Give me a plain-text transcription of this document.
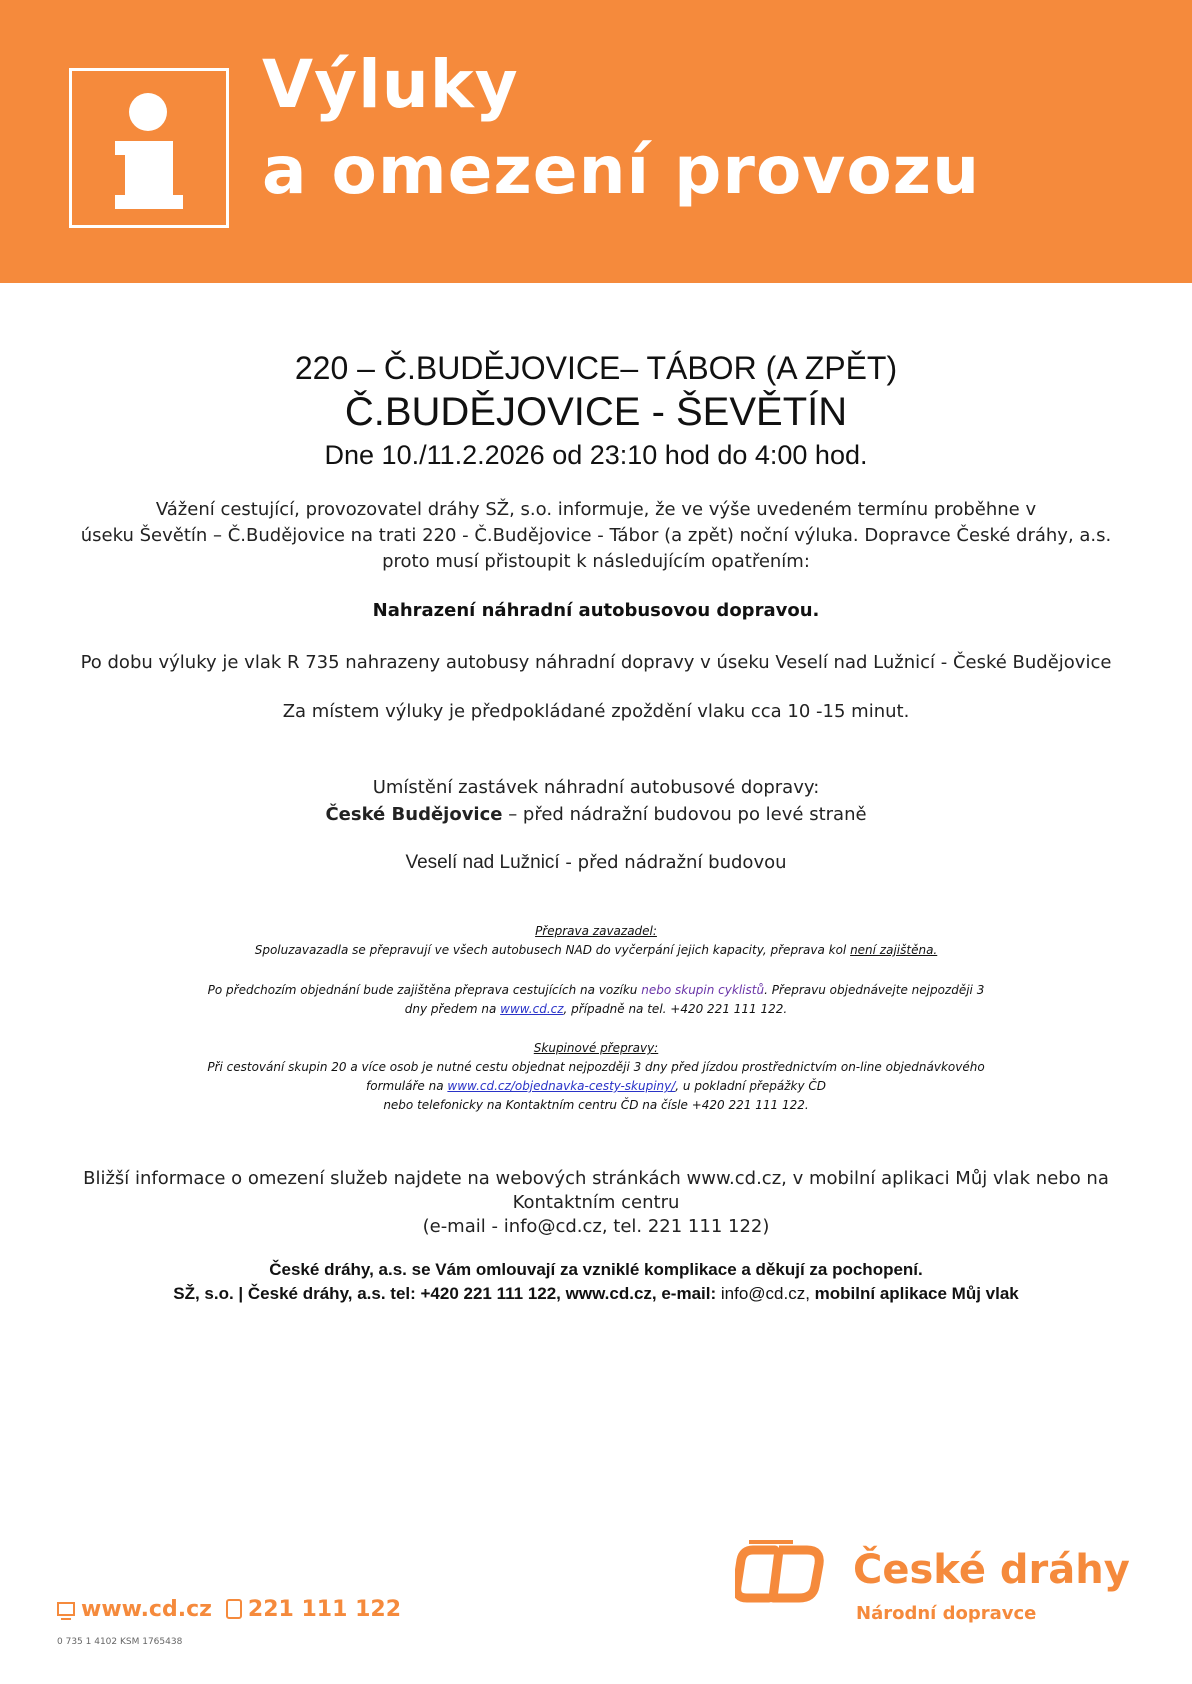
Výluky
a omezení provozu
220 – Č.BUDĚJOVICE– TÁBOR (A ZPĚT)
Č.BUDĚJOVICE - ŠEVĚTÍN
Dne 10./11.2.2026 od 23:10 hod do 4:00 hod.
Vážení cestující, provozovatel dráhy SŽ, s.o. informuje, že ve výše uvedeném termínu proběhne v
úseku Ševětín – Č.Budějovice na trati 220 - Č.Budějovice - Tábor (a zpět) noční výluka. Dopravce České dráhy, a.s.
proto musí přistoupit k následujícím opatřením:
Nahrazení náhradní autobusovou dopravou.
Po dobu výluky je vlak R 735 nahrazeny autobusy náhradní dopravy v úseku Veselí nad Lužnicí - České Budějovice
Za místem výluky je předpokládané zpoždění vlaku cca 10 -15 minut.
Umístění zastávek náhradní autobusové dopravy:
České Budějovice – před nádražní budovou po levé straně
Veselí nad Lužnicí - před nádražní budovou
Přeprava zavazadel:
Spoluzavazadla se přepravují ve všech autobusech NAD do vyčerpání jejich kapacity, přeprava kol není zajištěna.
Po předchozím objednání bude zajištěna přeprava cestujících na vozíku nebo skupin cyklistů. Přepravu objednávejte nejpozději 3
dny předem na www.cd.cz, případně na tel. +420 221 111 122.
Skupinové přepravy:
Při cestování skupin 20 a více osob je nutné cestu objednat nejpozději 3 dny před jízdou prostřednictvím on-line objednávkového
formuláře na www.cd.cz/objednavka-cesty-skupiny/, u pokladní přepážky ČD
nebo telefonicky na Kontaktním centru ČD na čísle +420 221 111 122.
Bližší informace o omezení služeb najdete na webových stránkách www.cd.cz, v mobilní aplikaci Můj vlak nebo na
Kontaktním centru
(e-mail - info@cd.cz, tel. 221 111 122)
České dráhy, a.s. se Vám omlouvají za vzniklé komplikace a děkují za pochopení.
SŽ, s.o. | České dráhy, a.s. tel: +420 221 111 122, www.cd.cz, e-mail: info@cd.cz, mobilní aplikace Můj vlak
www.cd.cz 221 111 122
0 735 1 4102 KSM 1765438
České dráhy
Národní dopravce
